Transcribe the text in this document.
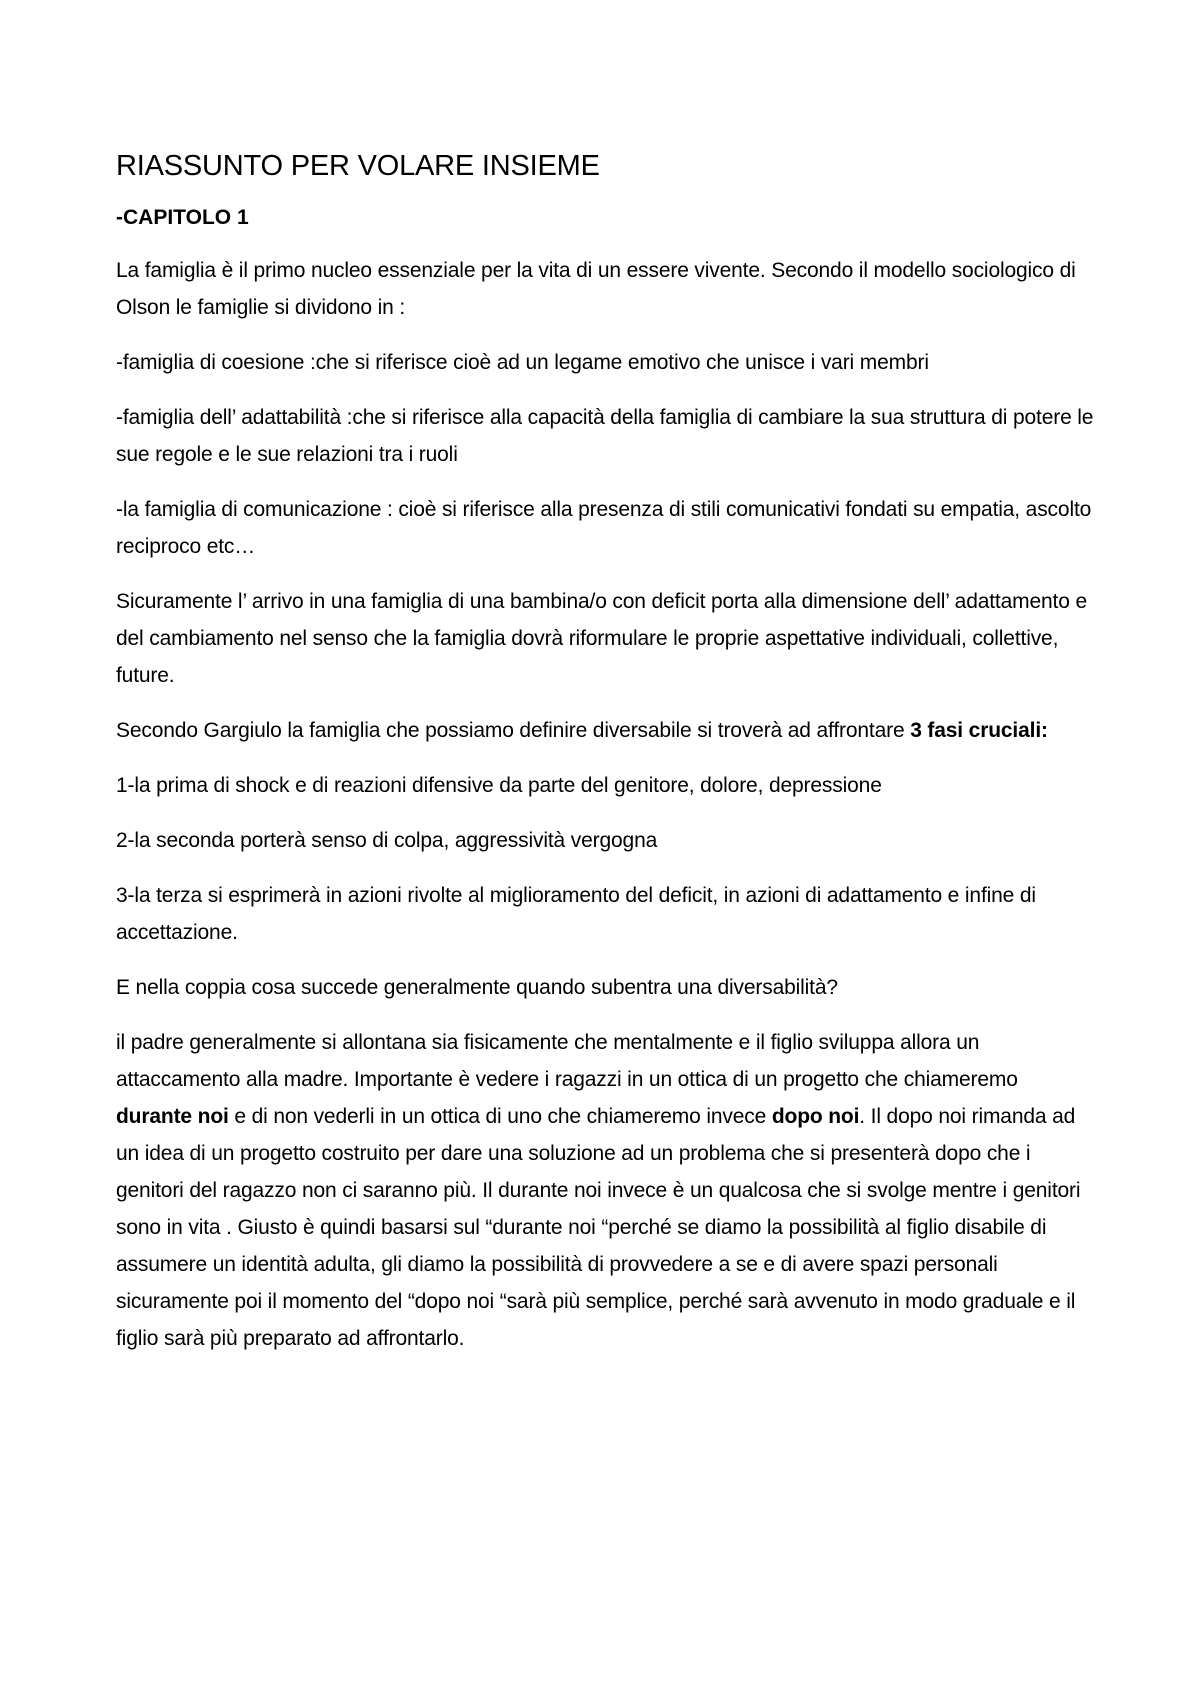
RIASSUNTO PER VOLARE INSIEME
-CAPITOLO 1

La famiglia è il primo nucleo essenziale per la vita di un essere vivente. Secondo il modello sociologico di Olson le famiglie si dividono in :

-famiglia di coesione :che si riferisce cioè ad un legame emotivo che unisce i vari membri

-famiglia dell’ adattabilità :che si riferisce alla capacità della famiglia di cambiare la sua struttura di potere le sue regole e le sue relazioni tra i ruoli

-la famiglia di comunicazione : cioè si riferisce alla presenza di stili comunicativi fondati su empatia, ascolto reciproco etc…

Sicuramente l’ arrivo in una famiglia di una bambina/o con deficit porta alla dimensione dell’ adattamento e del cambiamento nel senso che la famiglia dovrà riformulare le proprie aspettative individuali, collettive, future.

Secondo Gargiulo la famiglia che possiamo definire diversabile si troverà ad affrontare 3 fasi cruciali:

1-la prima di shock e di reazioni difensive da parte del genitore, dolore, depressione

2-la seconda porterà senso di colpa, aggressività vergogna

3-la terza si esprimerà in azioni rivolte al miglioramento del deficit, in azioni di adattamento e infine di accettazione.

E nella coppia cosa succede generalmente quando subentra una diversabilità?

il padre generalmente si allontana sia fisicamente che mentalmente e il figlio sviluppa allora un attaccamento alla madre. Importante è vedere i ragazzi in un ottica di un progetto che chiameremo durante noi e di non vederli in un ottica di uno che chiameremo invece dopo noi. Il dopo noi rimanda ad un idea di un progetto costruito per dare una soluzione ad un problema che si presenterà dopo che i genitori del ragazzo non ci saranno più. Il durante noi invece è un qualcosa che si svolge mentre i genitori sono in vita . Giusto è quindi basarsi sul “durante noi “perché se diamo la possibilità al figlio disabile di assumere un identità adulta, gli diamo la possibilità di provvedere a se e di avere spazi personali sicuramente poi il momento del “dopo noi “sarà più semplice, perché sarà avvenuto in modo graduale e il figlio sarà più preparato ad affrontarlo.
